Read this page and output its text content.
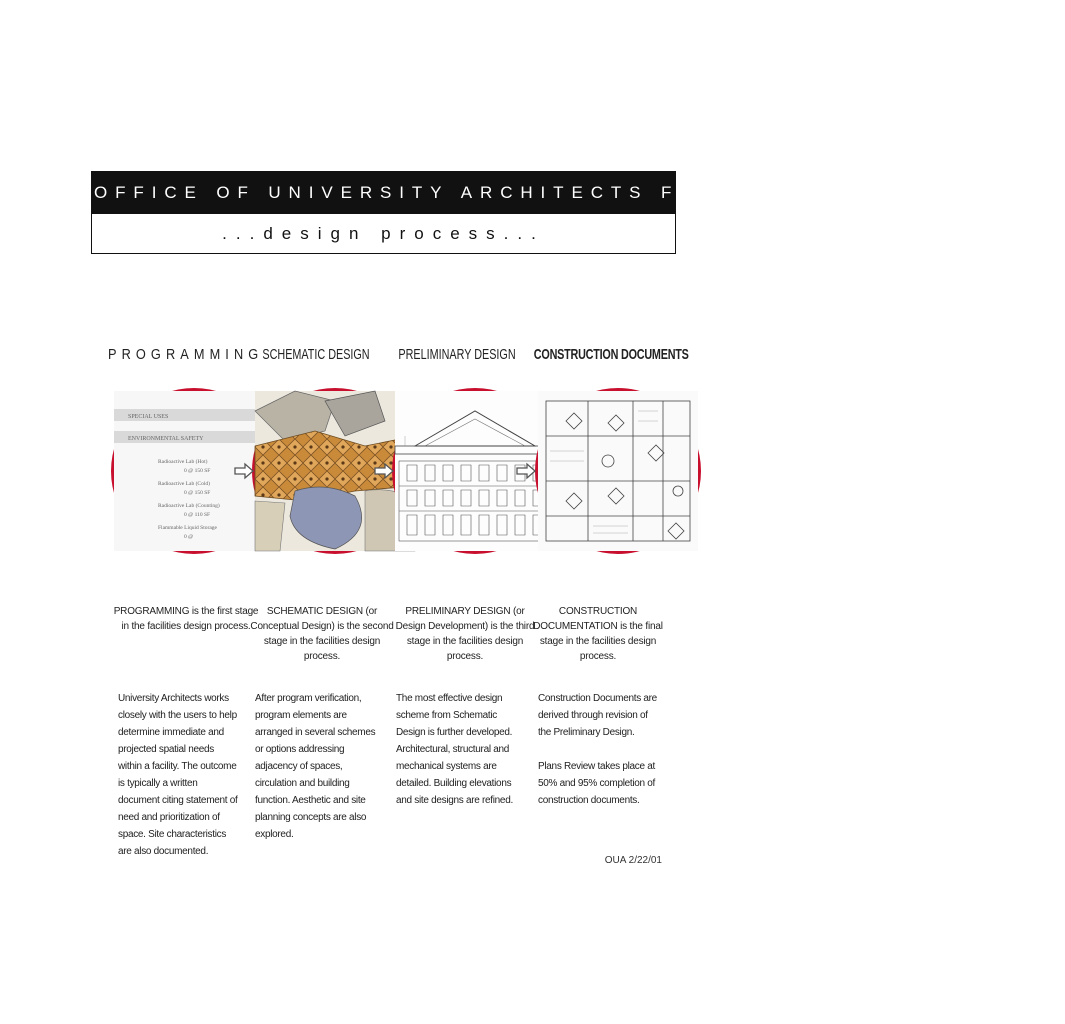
OFFICE OF UNIVERSITY ARCHITECTS FOR FACILITIES PLANNING
...design process...
PROGRAMMING SCHEMATIC DESIGN PRELIMINARY DESIGN CONSTRUCTION DOCUMENTS
SPECIAL USES
ENVIRONMENTAL SAFETY
Radioactive Lab (Hot)
0 @ 150 SF
Radioactive Lab (Cold)
0 @ 150 SF
Radioactive Lab (Counting)
0 @ 110 SF
Flammable Liquid Storage
0 @
PROGRAMMING is the first stage in the facilities design process.
SCHEMATIC DESIGN (or Conceptual Design) is the second stage in the facilities design process.
PRELIMINARY DESIGN (or Design Development) is the third stage in the facilities design process.
CONSTRUCTION DOCUMENTATION is the final stage in the facilities design process.

University Architects works closely with the users to help determine immediate and projected spatial needs within a facility. The outcome is typically a written document citing statement of need and prioritization of space. Site characteristics are also documented.

After program verification, program elements are arranged in several schemes or options addressing adjacency of spaces, circulation and building function. Aesthetic and site planning concepts are also explored.

The most effective design scheme from Schematic Design is further developed. Architectural, structural and mechanical systems are detailed. Building elevations and site designs are refined.

Construction Documents are derived through revision of the Preliminary Design.

Plans Review takes place at 50% and 95% completion of construction documents.

OUA 2/22/01
